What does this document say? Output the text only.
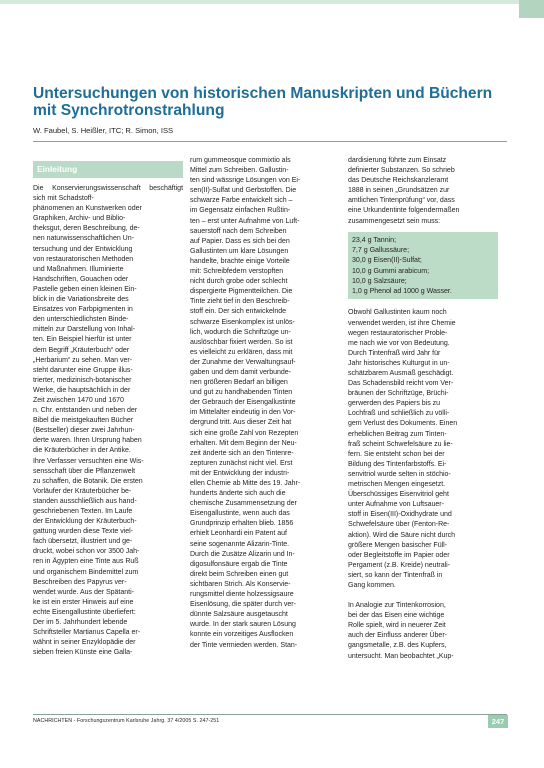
Untersuchungen von historischen Manuskripten und Büchern mit Synchrotronstrahlung

W. Faubel, S. Heißler, ITC; R. Simon, ISS

Einleitung
Die Konservierungswissenschaft beschäftigt sich mit Schadstoff-
phänomenen an Kunstwerken oder
Graphiken, Archiv- und Biblio-
theksgut, deren Beschreibung, de-
nen naturwissenschaftlichen Un-
tersuchung und der Entwicklung
von restauratorischen Methoden
und Maßnahmen. Illuminierte
Handschriften, Gouachen oder
Pastelle geben einen kleinen Ein-
blick in die Variationsbreite des
Einsatzes von Farbpigmenten in
den unterschiedlichsten Binde-
mitteln zur Darstellung von Inhal-
ten. Ein Beispiel hierfür ist unter
dem Begriff „Kräuterbuch“ oder
„Herbarium“ zu sehen. Man ver-
steht darunter eine Gruppe illus-
trierter, medizinisch-botanischer
Werke, die hauptsächlich in der
Zeit zwischen 1470 und 1670
n. Chr. entstanden und neben der
Bibel die meistgekauften Bücher
(Bestseller) dieser zwei Jahrhun-
derte waren. Ihren Ursprung haben
die Kräuterbücher in der Antike.
Ihre Verfasser versuchten eine Wis-
sensschaft über die Pflanzenwelt
zu schaffen, die Botanik. Die ersten
Vorläufer der Kräuterbücher be-
standen ausschließlich aus hand-
geschriebenen Texten. Im Laufe
der Entwicklung der Kräuterbuch-
gattung wurden diese Texte viel-
fach übersetzt, illustriert und ge-
druckt, wobei schon vor 3500 Jah-
ren in Ägypten eine Tinte aus Ruß
und organischem Bindemittel zum
Beschreiben des Papyrus ver-
wendet wurde. Aus der Spätanti-
ke ist ein erster Hinweis auf eine
echte Eisengallustinte überliefert:
Der im 5. Jahrhundert lebende
Schriftsteller Martianus Capella er-
wähnt in seiner Enzyklopädie der
sieben freien Künste eine Galla-
rum gummeosque commixtio als
Mittel zum Schreiben. Gallustin-
ten sind wässrige Lösungen von Ei-
sen(II)-Sulfat und Gerbstoffen. Die
schwarze Farbe entwickelt sich –
im Gegensatz einfachen Rußtin-
ten – erst unter Aufnahme von Luft-
sauerstoff nach dem Schreiben
auf Papier. Dass es sich bei den
Gallustinten um klare Lösungen
handelte, brachte einige Vorteile
mit: Schreibfedern verstopften
nicht durch grobe oder schlecht
dispergierte Pigmentteilchen. Die
Tinte zieht tief in den Beschreib-
stoff ein. Der sich entwickelnde
schwarze Eisenkomplex ist unlös-
lich, wodurch die Schriftzüge un-
auslöschbar fixiert werden. So ist
es vielleicht zu erklären, dass mit
der Zunahme der Verwaltungsauf-
gaben und dem damit verbunde-
nen größeren Bedarf an billigen
und gut zu handhabenden Tinten
der Gebrauch der Eisengallustinte
im Mittelalter eindeutig in den Vor-
dergrund tritt. Aus dieser Zeit hat
sich eine große Zahl von Rezepten
erhalten. Mit dem Beginn der Neu-
zeit änderte sich an den Tintenre-
zepturen zunächst nicht viel. Erst
mit der Entwicklung der industri-
ellen Chemie ab Mitte des 19. Jahr-
hunderts änderte sich auch die
chemische Zusammensetzung der
Eisengallustinte, wenn auch das
Grundprinzip erhalten blieb. 1856
erhielt Leonhardi ein Patent auf
seine sogenannte Alizarin-Tinte.
Durch die Zusätze Alizarin und In-
digosulfonsäure ergab die Tinte
direkt beim Schreiben einen gut
sichtbaren Strich. Als Konservie-
rungsmittel diente holzessigsaure
Eisenlösung, die später durch ver-
dünnte Salzsäure ausgetauscht
wurde. In der stark sauren Lösung
konnte ein vorzeitiges Ausflocken
der Tinte vermieden werden. Stan-
dardisierung führte zum Einsatz
definierter Substanzen. So schrieb
das Deutsche Reichskanzleramt
1888 in seinen „Grundsätzen zur
amtlichen Tintenprüfung“ vor, dass
eine Urkundentinte folgendermaßen
zusammengesetzt sein muss:
23,4 g Tannin;
7,7 g Gallussäure;
30,0 g Eisen(II)-Sulfat;
10,0 g Gummi arabicum;
10,0 g Salzsäure;
1,0 g Phenol ad 1000 g Wasser.
Obwohl Gallustinten kaum noch
verwendet werden, ist ihre Chemie
wegen restauratorischer Proble-
me nach wie vor von Bedeutung.
Durch Tintenfraß wird Jahr für
Jahr historisches Kulturgut in un-
schätzbarem Ausmaß geschädigt.
Das Schadensbild reicht vom Ver-
bräunen der Schriftzüge, Brüchi-
gerwerden des Papiers bis zu
Lochfraß und schließlich zu völli-
gem Verlust des Dokuments. Einen
erheblichen Beitrag zum Tinten-
fraß scheint Schwefelsäure zu lie-
fern. Sie entsteht schon bei der
Bildung des Tintenfarbstoffs. Ei-
senvitriol wurde selten in stöchio-
metrischen Mengen eingesetzt.
Überschüssiges Eisenvitriol geht
unter Aufnahme von Luftsauer-
stoff in Eisen(III)-Oxidhydrate und
Schwefelsäure über (Fenton-Re-
aktion). Wird die Säure nicht durch
größere Mengen basischer Füll-
oder Begleitstoffe im Papier oder
Pergament (z.B. Kreide) neutrali-
siert, so kann der Tintenfraß in
Gang kommen.
In Analogie zur Tintenkorrosion,
bei der das Eisen eine wichtige
Rolle spielt, wird in neuerer Zeit
auch der Einfluss anderer Über-
gangsmetalle, z.B. des Kupfers,
untersucht. Man beobachtet „Kup-
NACHRICHTEN - Forschungszentrum Karlsruhe Jahrg. 37 4/2005 S. 247-251	247
